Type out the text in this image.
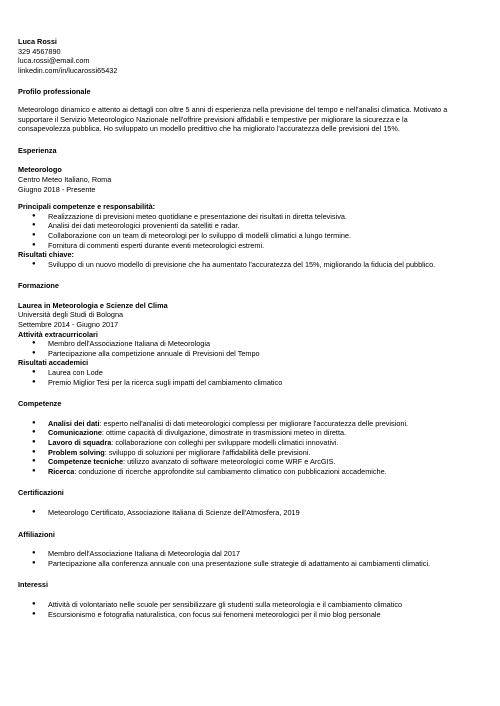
Luca Rossi
329 4567890
luca.rossi@email.com
linkedin.com/in/lucarossi65432
Profilo professionale
Meteorologo dinamico e attento ai dettagli con oltre 5 anni di esperienza nella previsione del tempo e nell'analisi climatica. Motivato a supportare il Servizio Meteorologico Nazionale nell'offrire previsioni affidabili e tempestive per migliorare la sicurezza e la consapevolezza pubblica. Ho sviluppato un modello predittivo che ha migliorato l'accuratezza delle previsioni del 15%.
Esperienza
Meteorologo
Centro Meteo Italiano, Roma
Giugno 2018 - Presente
Principali competenze e responsabilità:
● Realizzazione di previsioni meteo quotidiane e presentazione dei risultati in diretta televisiva.
● Analisi dei dati meteorologici provenienti da satelliti e radar.
● Collaborazione con un team di meteorologi per lo sviluppo di modelli climatici a lungo termine.
● Fornitura di commenti esperti durante eventi meteorologici estremi.
Risultati chiave:
● Sviluppo di un nuovo modello di previsione che ha aumentato l'accuratezza del 15%, migliorando la fiducia del pubblico.
Formazione
Laurea in Meteorologia e Scienze del Clima
Università degli Studi di Bologna
Settembre 2014 - Giugno 2017
Attività extracurricolari
● Membro dell'Associazione Italiana di Meteorologia
● Partecipazione alla competizione annuale di Previsioni del Tempo
Risultati accademici
● Laurea con Lode
● Premio Miglior Tesi per la ricerca sugli impatti del cambiamento climatico
Competenze
● Analisi dei dati: esperto nell'analisi di dati meteorologici complessi per migliorare l'accuratezza delle previsioni.
● Comunicazione: ottime capacità di divulgazione, dimostrate in trasmissioni meteo in diretta.
● Lavoro di squadra: collaborazione con colleghi per sviluppare modelli climatici innovativi.
● Problem solving: sviluppo di soluzioni per migliorare l'affidabilità delle previsioni.
● Competenze tecniche: utilizzo avanzato di software meteorologici come WRF e ArcGIS.
● Ricerca: conduzione di ricerche approfondite sul cambiamento climatico con pubblicazioni accademiche.
Certificazioni
● Meteorologo Certificato, Associazione Italiana di Scienze dell'Atmosfera, 2019
Affiliazioni
● Membro dell'Associazione Italiana di Meteorologia dal 2017
● Partecipazione alla conferenza annuale con una presentazione sulle strategie di adattamento ai cambiamenti climatici.
Interessi
● Attività di volontariato nelle scuole per sensibilizzare gli studenti sulla meteorologia e il cambiamento climatico
● Escursionismo e fotografia naturalistica, con focus sui fenomeni meteorologici per il mio blog personale
